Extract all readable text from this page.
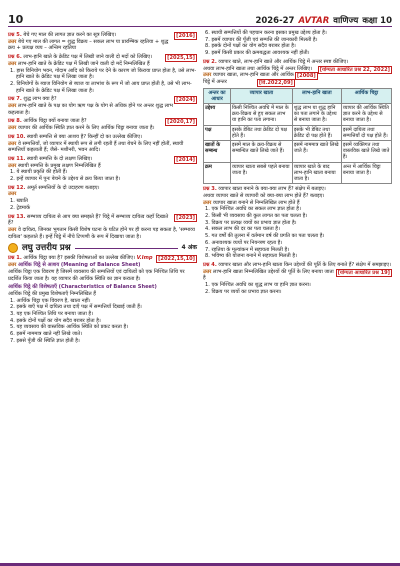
10	2026-27 AVTAR वाणिज्य कक्षा 10
[2016]
प्रश्न 5. बेचे गए माल की लागत ज्ञात करने का सूत्र लिखिए।
उत्तर बेचे गए माल की लागत = शुद्ध विक्रय – सकल लाभ या प्रारम्भिक रहतिया + शुद्ध क्रय + प्रत्यक्ष व्यय – अन्तिम रहतिया
प्रश्न 6. लाभ-हानि खाते के क्रेडिट पक्ष में लिखी जाने वाली दो मदों को लिखिए।	[2025,15]
उत्तर लाभ-हानि खाते के क्रेडिट पक्ष में लिखी जाने वाली दो मदें निम्नलिखित हैं
1. हास विनियोग भवन, गोदाम आदि को किराये पर देने के कारण जो किराया प्राप्त होता है, उसे लाभ-हानि खाते के क्रेडिट पक्ष में लिखा जाता है।
2. विनियोगों के ब्याज विनियोग से ब्याज या लाभांश के रूप में जो आय प्राप्त होती है, उसे भी लाभ-हानि खाते के क्रेडिट पक्ष में लिखा जाता है।
[2024]
प्रश्न 7. शुद्ध लाभ क्या है?
उत्तर लाभ-हानि खाते के पक्ष का योग ऋण पक्ष के योग से अधिक होने पर अन्तर शुद्ध लाभ कहलाता है।
[2020,17]
प्रश्न 8. आर्थिक चिट्ठा क्यों बनाया जाता है?
उत्तर व्यापार की आर्थिक स्थिति ज्ञात करने के लिए आर्थिक चिट्ठा बनाया जाता है।
प्रश्न 10. स्थायी सम्पत्ति से क्या आशय है? किन्हीं दो का उल्लेख कीजिए।
उत्तर वे सम्पत्तियाँ, जो व्यापार में स्थायी रूप से लगी रहती हैं तथा बेचने के लिए नहीं होतीं, स्थायी सम्पत्तियाँ कहलाती हैं; जैसे- मशीनरी, भवन आदि।
[2014]
प्रश्न 11. स्थायी सम्पत्ति के दो लक्षण लिखिए।
उत्तर स्थायी सम्पत्ति के प्रमुख लक्षण निम्नलिखित हैं
1. ये स्थायी प्रकृति की होती हैं।
2. इन्हें व्यापार में पुनः बेचने के उद्देश्य से क्रय किया जाता है।
प्रश्न 12. अमूर्त सम्पत्तियों के दो उदाहरण बताइए।
उत्तर
1. ख्याति
2. ट्रेडमार्क
[2023]
प्रश्न 13. सम्भाव्य दायित्व से आप क्या समझते हैं? चिट्ठे में सम्भाव्य दायित्व कहाँ दिखाते हैं?
उत्तर वे दायित्व, जिनका भुगतान किसी विशेष घटना के घटित होने पर ही करना पड़ सकता है, 'सम्भाव्य दायित्व' कहलाते हैं। इन्हें चिट्ठे में नीचे टिप्पणी के रूप में दिखाया जाता है।
लघु उत्तरीय प्रश्न	4 अंक
प्रश्न 1. आर्थिक चिट्ठा क्या है? इसकी विशेषताओं का उल्लेख कीजिए। V.Imp	[2022,15,10]
उत्तर आर्थिक चिट्ठे से आशय (Meaning of Balance Sheet)
आर्थिक चिट्ठा एक विवरण है जिसमें व्यवसाय की सम्पत्तियों एवं दायित्वों को एक निश्चित तिथि पर प्रदर्शित किया जाता है। यह व्यापार की आर्थिक स्थिति का ज्ञान कराता है।
आर्थिक चिट्ठे की विशेषताएँ (Characteristics of Balance Sheet)
आर्थिक चिट्ठे की प्रमुख विशेषताएँ निम्नलिखित हैं
1. आर्थिक चिट्ठा एक विवरण है, खाता नहीं।
2. इसके बाएँ पक्ष में दायित्व तथा दाएँ पक्ष में सम्पत्तियाँ दिखाई जाती हैं।
3. यह एक निश्चित तिथि पर बनाया जाता है।
4. इसके दोनों पक्षों का योग सदैव बराबर होता है।
5. यह व्यवसाय की वास्तविक आर्थिक स्थिति को प्रकट करता है।
6. इसमें नाममात्र खाते नहीं लिखे जाते।
7. इससे पूँजी की स्थिति ज्ञात होती है।
6. स्थायी सम्पत्तियों की पहचान करना इसका प्रमुख उद्देश्य होता है।
7. इसमें व्यापार की पूँजी एवं सम्पत्ति की जानकारी मिलती है।
8. इसके दोनों पक्षों का योग सदैव बराबर होता है।
9. इसमें किसी प्रकार की क्रमबद्धता आवश्यक नहीं होती।
प्रश्न 2. व्यापार खाते, लाभ-हानि खाते और आर्थिक चिट्ठे में अन्तर स्पष्ट कीजिए।
[योग्यता आधारित प्रश्न 22, 2022]
अथवा लाभ-हानि खाता तथा आर्थिक चिट्ठे में अन्तर लिखिए।
[2008]
उत्तर व्यापार खाता, लाभ-हानि खाता और आर्थिक चिट्ठे में अन्तर	[वि.2022,09]
अन्तर का आधार	व्यापार खाता	लाभ-हानि खाता	आर्थिक चिट्ठा
उद्देश्य	किसी निश्चित अवधि में माल के क्रय-विक्रय से हुए सकल लाभ या हानि का पता लगाना।	शुद्ध लाभ या शुद्ध हानि का पता लगाने के उद्देश्य से बनाया जाता है।	व्यापार की आर्थिक स्थिति ज्ञात करने के उद्देश्य से बनाया जाता है।
पक्ष	इसके डेबिट तथा क्रेडिट दो पक्ष होते हैं।	इसके भी डेबिट तथा क्रेडिट दो पक्ष होते हैं।	इसमें दायित्व तथा सम्पत्तियाँ दो पक्ष होते हैं।
खातों के सम्बन्ध	इसमें माल के क्रय-विक्रय से सम्बन्धित खाते लिखे जाते हैं।	इसमें नाममात्र खाते लिखे जाते हैं।	इसमें व्यक्तिगत तथा वास्तविक खाते लिखे जाते हैं।
क्रम	व्यापार खाता सबसे पहले बनाया जाता है।	व्यापार खाते के बाद लाभ-हानि खाता बनाया जाता है।	अन्त में आर्थिक चिट्ठा बनाया जाता है।
प्रश्न 3. व्यापार खाता बनाने के क्या-क्या लाभ हैं? संक्षेप में बताइए।
अथवा व्यापार खाते से व्यापारी को क्या-क्या लाभ होते हैं? बताइए।
उत्तर व्यापार खाता बनाने से निम्नलिखित लाभ होते हैं
1. एक निश्चित अवधि का सकल लाभ ज्ञात होता है।
2. किसी भी व्यवसाय की कुल लागत का पता चलता है।
3. विक्रय पर प्रत्यक्ष व्ययों का प्रभाव ज्ञात होता है।
4. सकल लाभ की दर का पता चलता है।
5. गत वर्षों की तुलना में वर्तमान वर्ष की प्रगति का पता चलता है।
6. अनावश्यक व्ययों पर नियन्त्रण रहता है।
7. रहतिया के मूल्यांकन में सहायता मिलती है।
8. भविष्य की योजना बनाने में सहायता मिलती है।
प्रश्न 4. व्यापार खाता और लाभ-हानि खाता किन उद्देश्यों की पूर्ति के लिए बनाते हैं? संक्षेप में समझाइए।
[योग्यता आधारित प्रश्न 19]
उत्तर लाभ-हानि खाता निम्नलिखित उद्देश्यों की पूर्ति के लिए बनाया जाता है
1. एक निश्चित अवधि का शुद्ध लाभ या हानि ज्ञात करना।
2. विक्रय पर व्ययों का प्रभाव ज्ञात करना।
